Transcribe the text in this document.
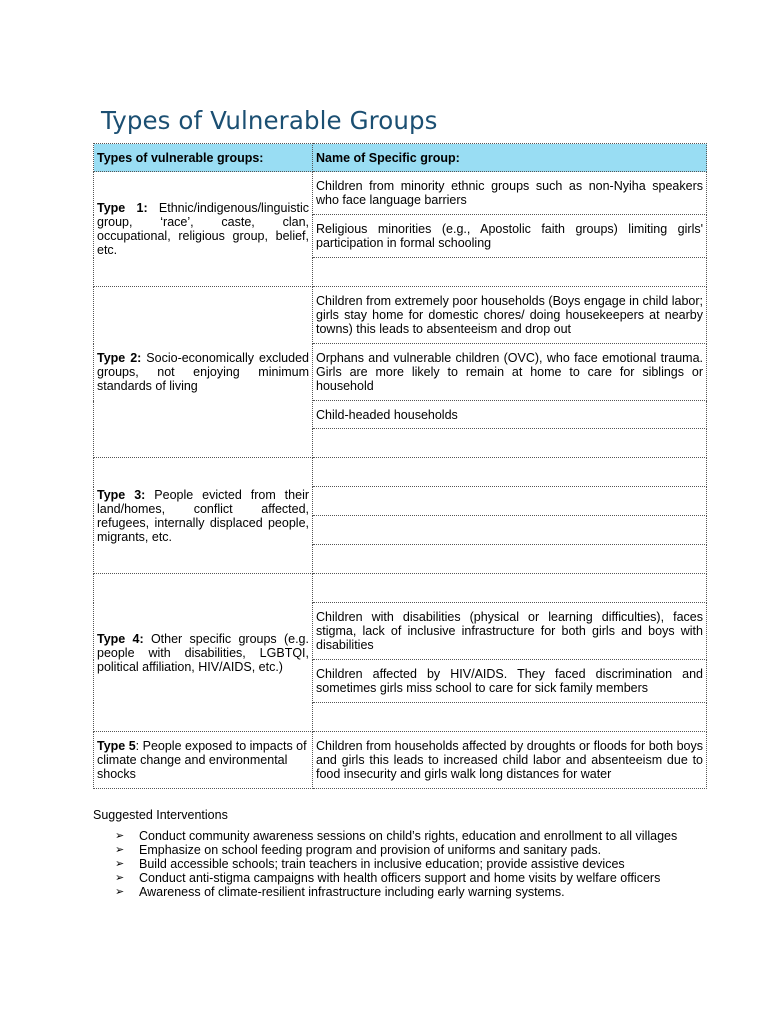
Types of Vulnerable Groups
Types of vulnerable groups:	Name of Specific group:
Type 1: Ethnic/indigenous/linguistic group, ‘race’, caste, clan, occupational, religious group, belief, etc.	Children from minority ethnic groups such as non-Nyiha speakers who face language barriers
	Religious minorities (e.g., Apostolic faith groups) limiting girls' participation in formal schooling

Type 2: Socio-economically excluded groups, not enjoying minimum standards of living	Children from extremely poor households (Boys engage in child labor; girls stay home for domestic chores/ doing housekeepers at nearby towns) this leads to absenteeism and drop out
	Orphans and vulnerable children (OVC), who face emotional trauma. Girls are more likely to remain at home to care for siblings or household
	Child-headed households

Type 3: People evicted from their land/homes, conflict affected, refugees, internally displaced people, migrants, etc.	

Type 4: Other specific groups (e.g. people with disabilities, LGBTQI, political affiliation, HIV/AIDS, etc.)	
	Children with disabilities (physical or learning difficulties), faces stigma, lack of inclusive infrastructure for both girls and boys with disabilities
	Children affected by HIV/AIDS. They faced discrimination and sometimes girls miss school to care for sick family members

Type 5: People exposed to impacts of climate change and environmental shocks	Children from households affected by droughts or floods for both boys and girls this leads to increased child labor and absenteeism due to food insecurity and girls walk long distances for water
Suggested Interventions
➢ Conduct community awareness sessions on child’s rights, education and enrollment to all villages
➢ Emphasize on school feeding program and provision of uniforms and sanitary pads.
➢ Build accessible schools; train teachers in inclusive education; provide assistive devices
➢ Conduct anti-stigma campaigns with health officers support and home visits by welfare officers
➢ Awareness of climate-resilient infrastructure including early warning systems.
